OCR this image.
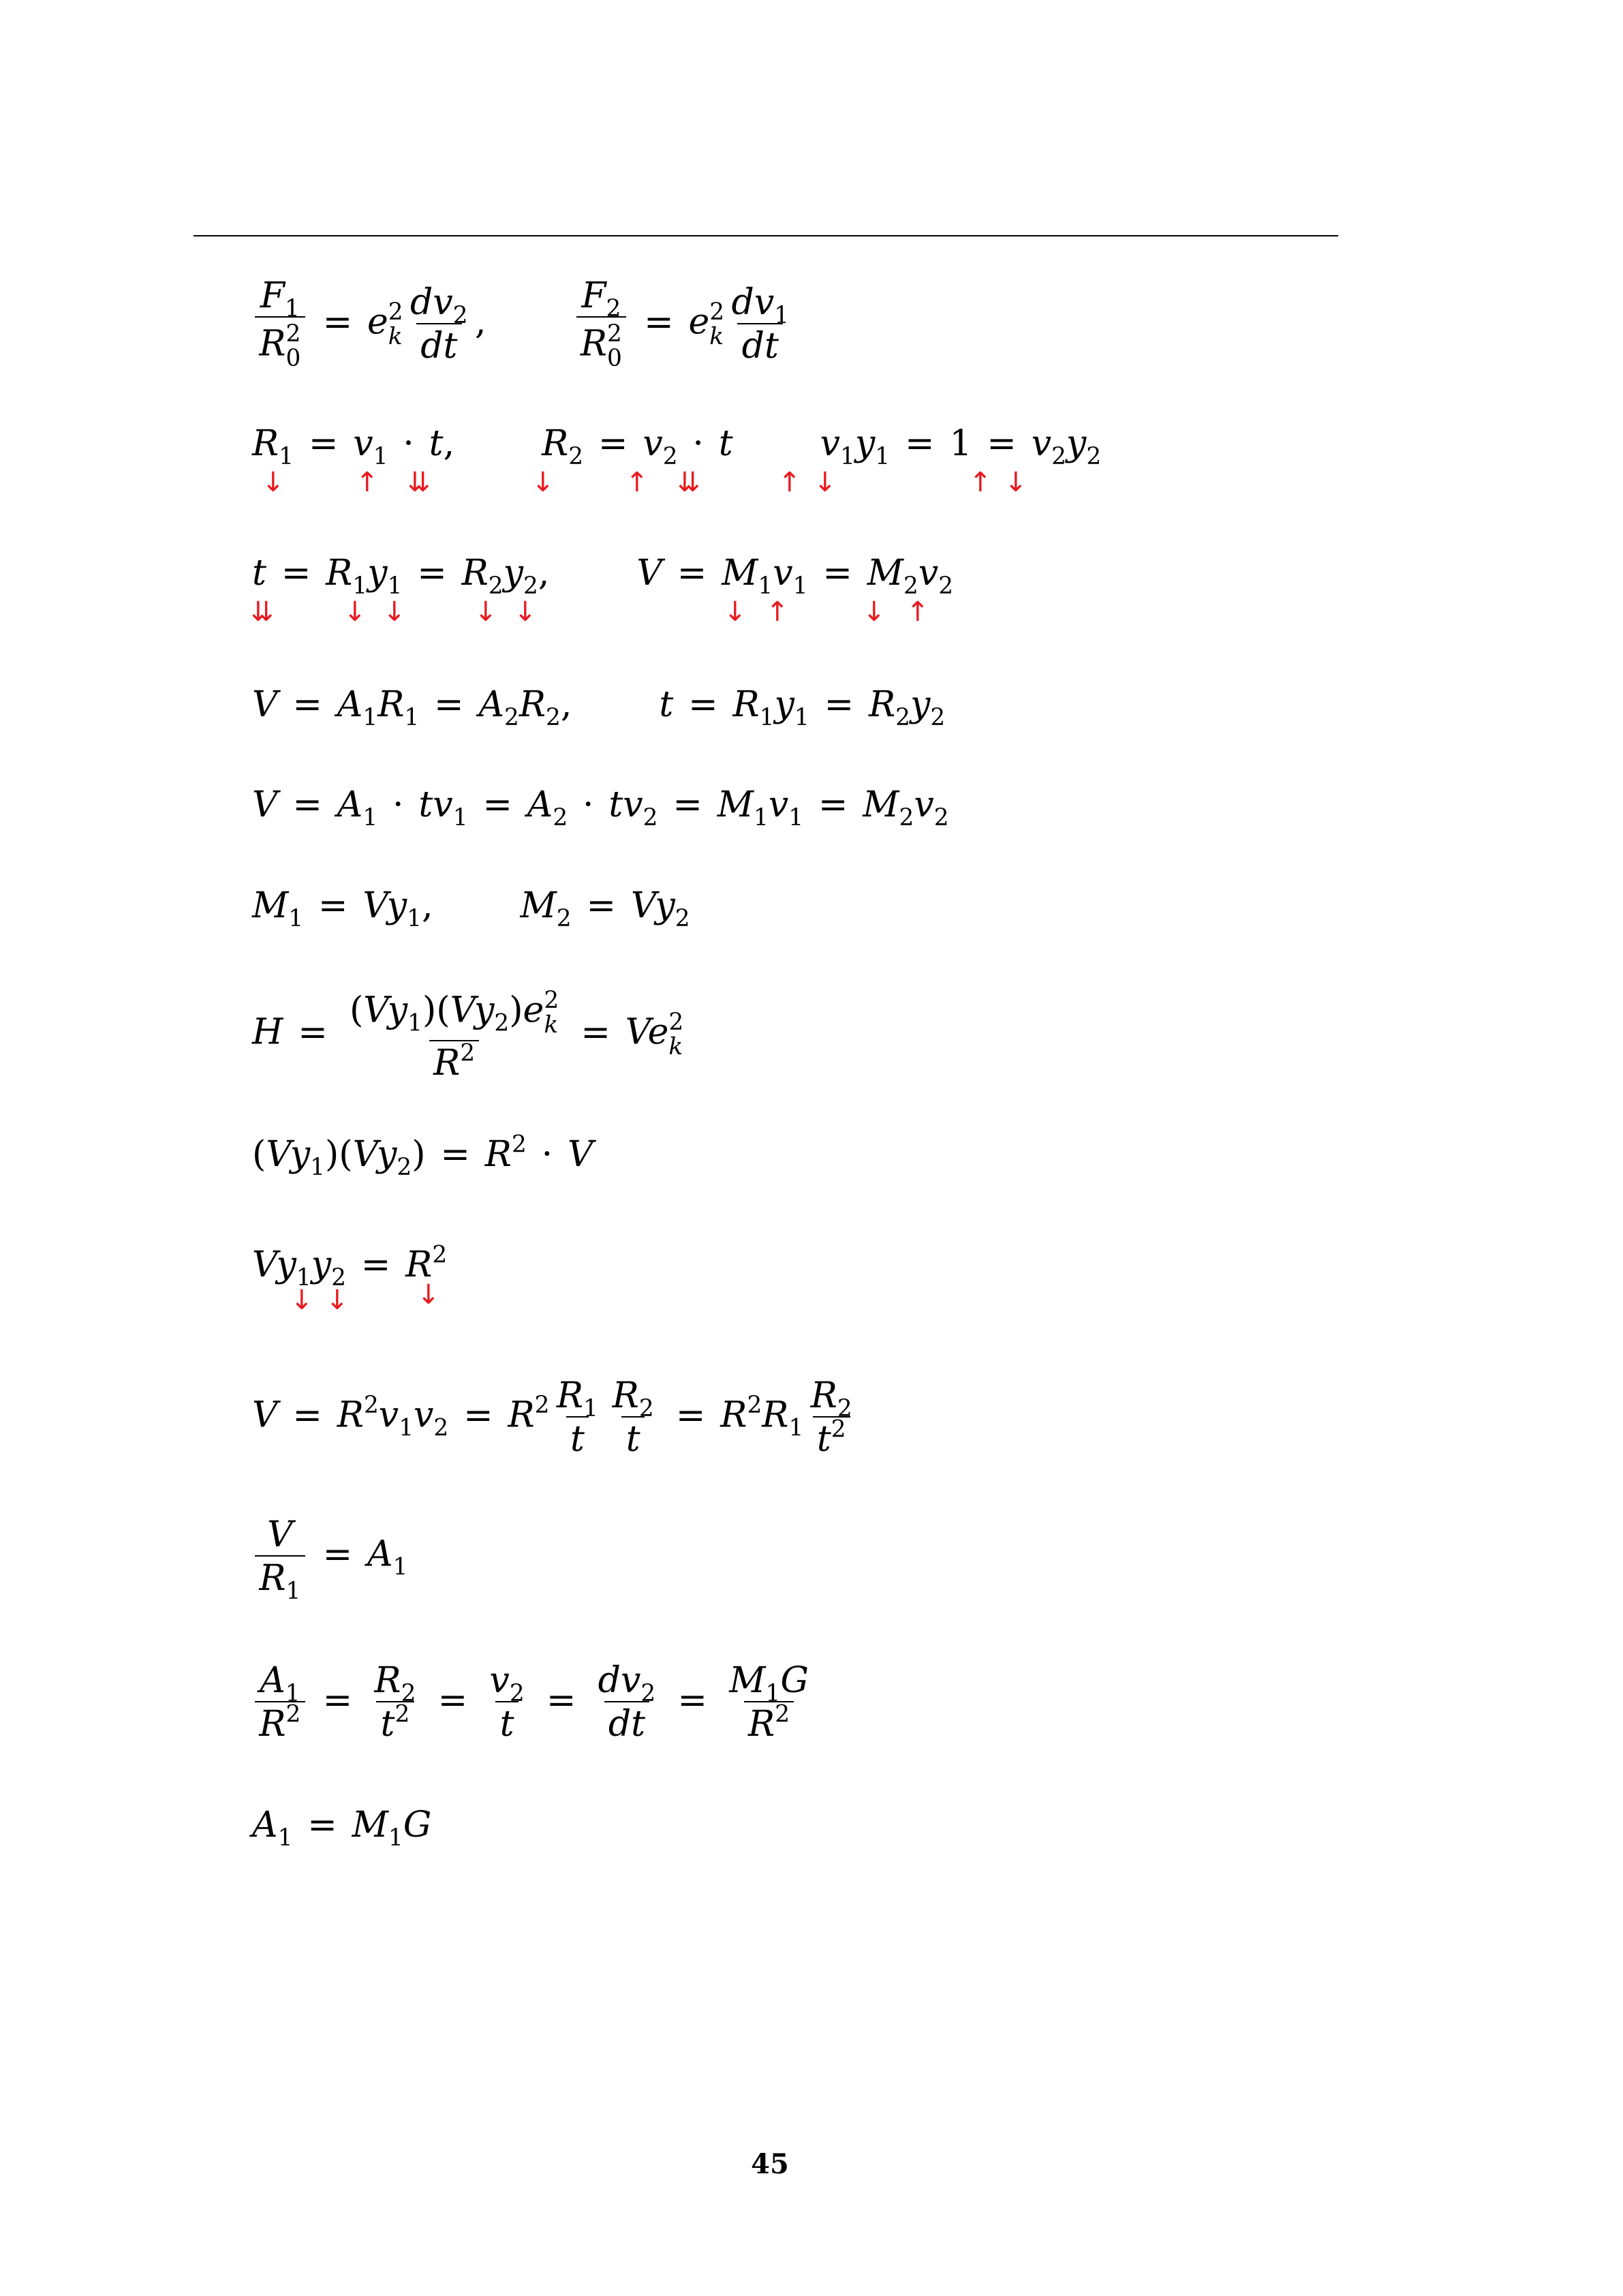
$F_1$
R 2
0 = e 2
k $\frac{dv_2}{dt}$ ,	$F_2$
R 2
0 = e 2
k $\frac{dv_1}{dt}$
$R_1 = v_1 \cdot t$, $R_2 = v_2 \cdot t$ $v_1y_1 = 1 = v_2y_2$
↓	↑ ⇊	↓	↑ ⇊	↑ ↓	↑ ↓
$t = R_1y_1 = R_2y_2$, $V = M_1v_1 = M_2v_2$
⇊	↓ ↓	↓ ↓	↓ ↑	↓ ↑
$V = A_1R_1 = A_2R_2$, $t = R_1y_1 = R_2y_2$
$V = A_1 \cdot tv_1 = A_2 \cdot tv_2 = M_1v_1 = M_2v_2$
$M_1 = Vy_1$, $M_2 = Vy_2$
$H = (Vy_1)(Vy_2)e$ 2
k
$R^2 = Ve$ 2
k
$(Vy_1)(Vy_2) = R^2 \cdot V$
$Vy_1y_2 = R^2$
↓ ↓	↓
$V = R^2v_1v_2 = R^2 \frac{R_1}{t} \frac{R_2}{t} = R^2R_1 \frac{R_2}{t^2}$
$\frac{V}{R_1} = A_1$
$\frac{A_1}{R^2} = \frac{R_2}{t^2} = \frac{v_2}{t} = \frac{dv_2}{dt} = \frac{M_1G}{R^2}$
$A_1 = M_1G$
45
